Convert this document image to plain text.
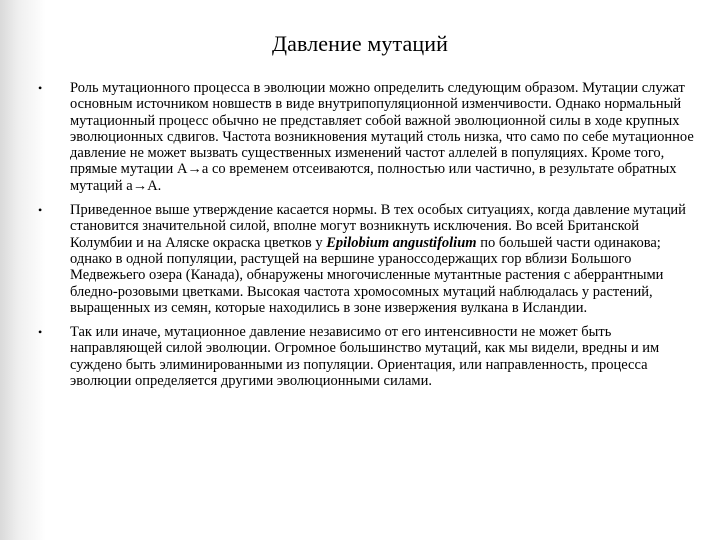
Давление мутаций
• Роль мутационного процесса в эволюции можно определить следующим образом. Мутации служат основным источником новшеств в виде внутрипопуляционной изменчивости. Однако нормальный мутационный процесс обычно не представляет собой важной эволюционной силы в ходе крупных эволюционных сдвигов. Частота возникновения мутаций столь низка, что само по себе мутационное давление не может вызвать существенных изменений частот аллелей в популяциях. Кроме того, прямые мутации А→а со временем отсеиваются, полностью или частично, в результате обратных мутаций а→А.
• Приведенное выше утверждение касается нормы. В тех особых ситуациях, когда давление мутаций становится значительной силой, вполне могут возникнуть исключения. Во всей Британской Колумбии и на Аляске окраска цветков у Epilobium angustifolium по большей части одинакова; однако в одной популяции, растущей на вершине уранoccoдержащих гор вблизи Большого Медвежьего озера (Канада), обнаружены многочисленные мутантные растения с аберрантными бледно-розовыми цветками. Высокая частота хромосомных мутаций наблюдалась у растений, выращенных из семян, которые находились в зоне извержения вулкана в Исландии.
• Так или иначе, мутационное давление независимо от его интенсивности не может быть направляющей силой эволюции. Огромное большинство мутаций, как мы видели, вредны и им суждено быть элиминированными из популяции. Ориентация, или направленность, процесса эволюции определяется другими эволюционными силами.
